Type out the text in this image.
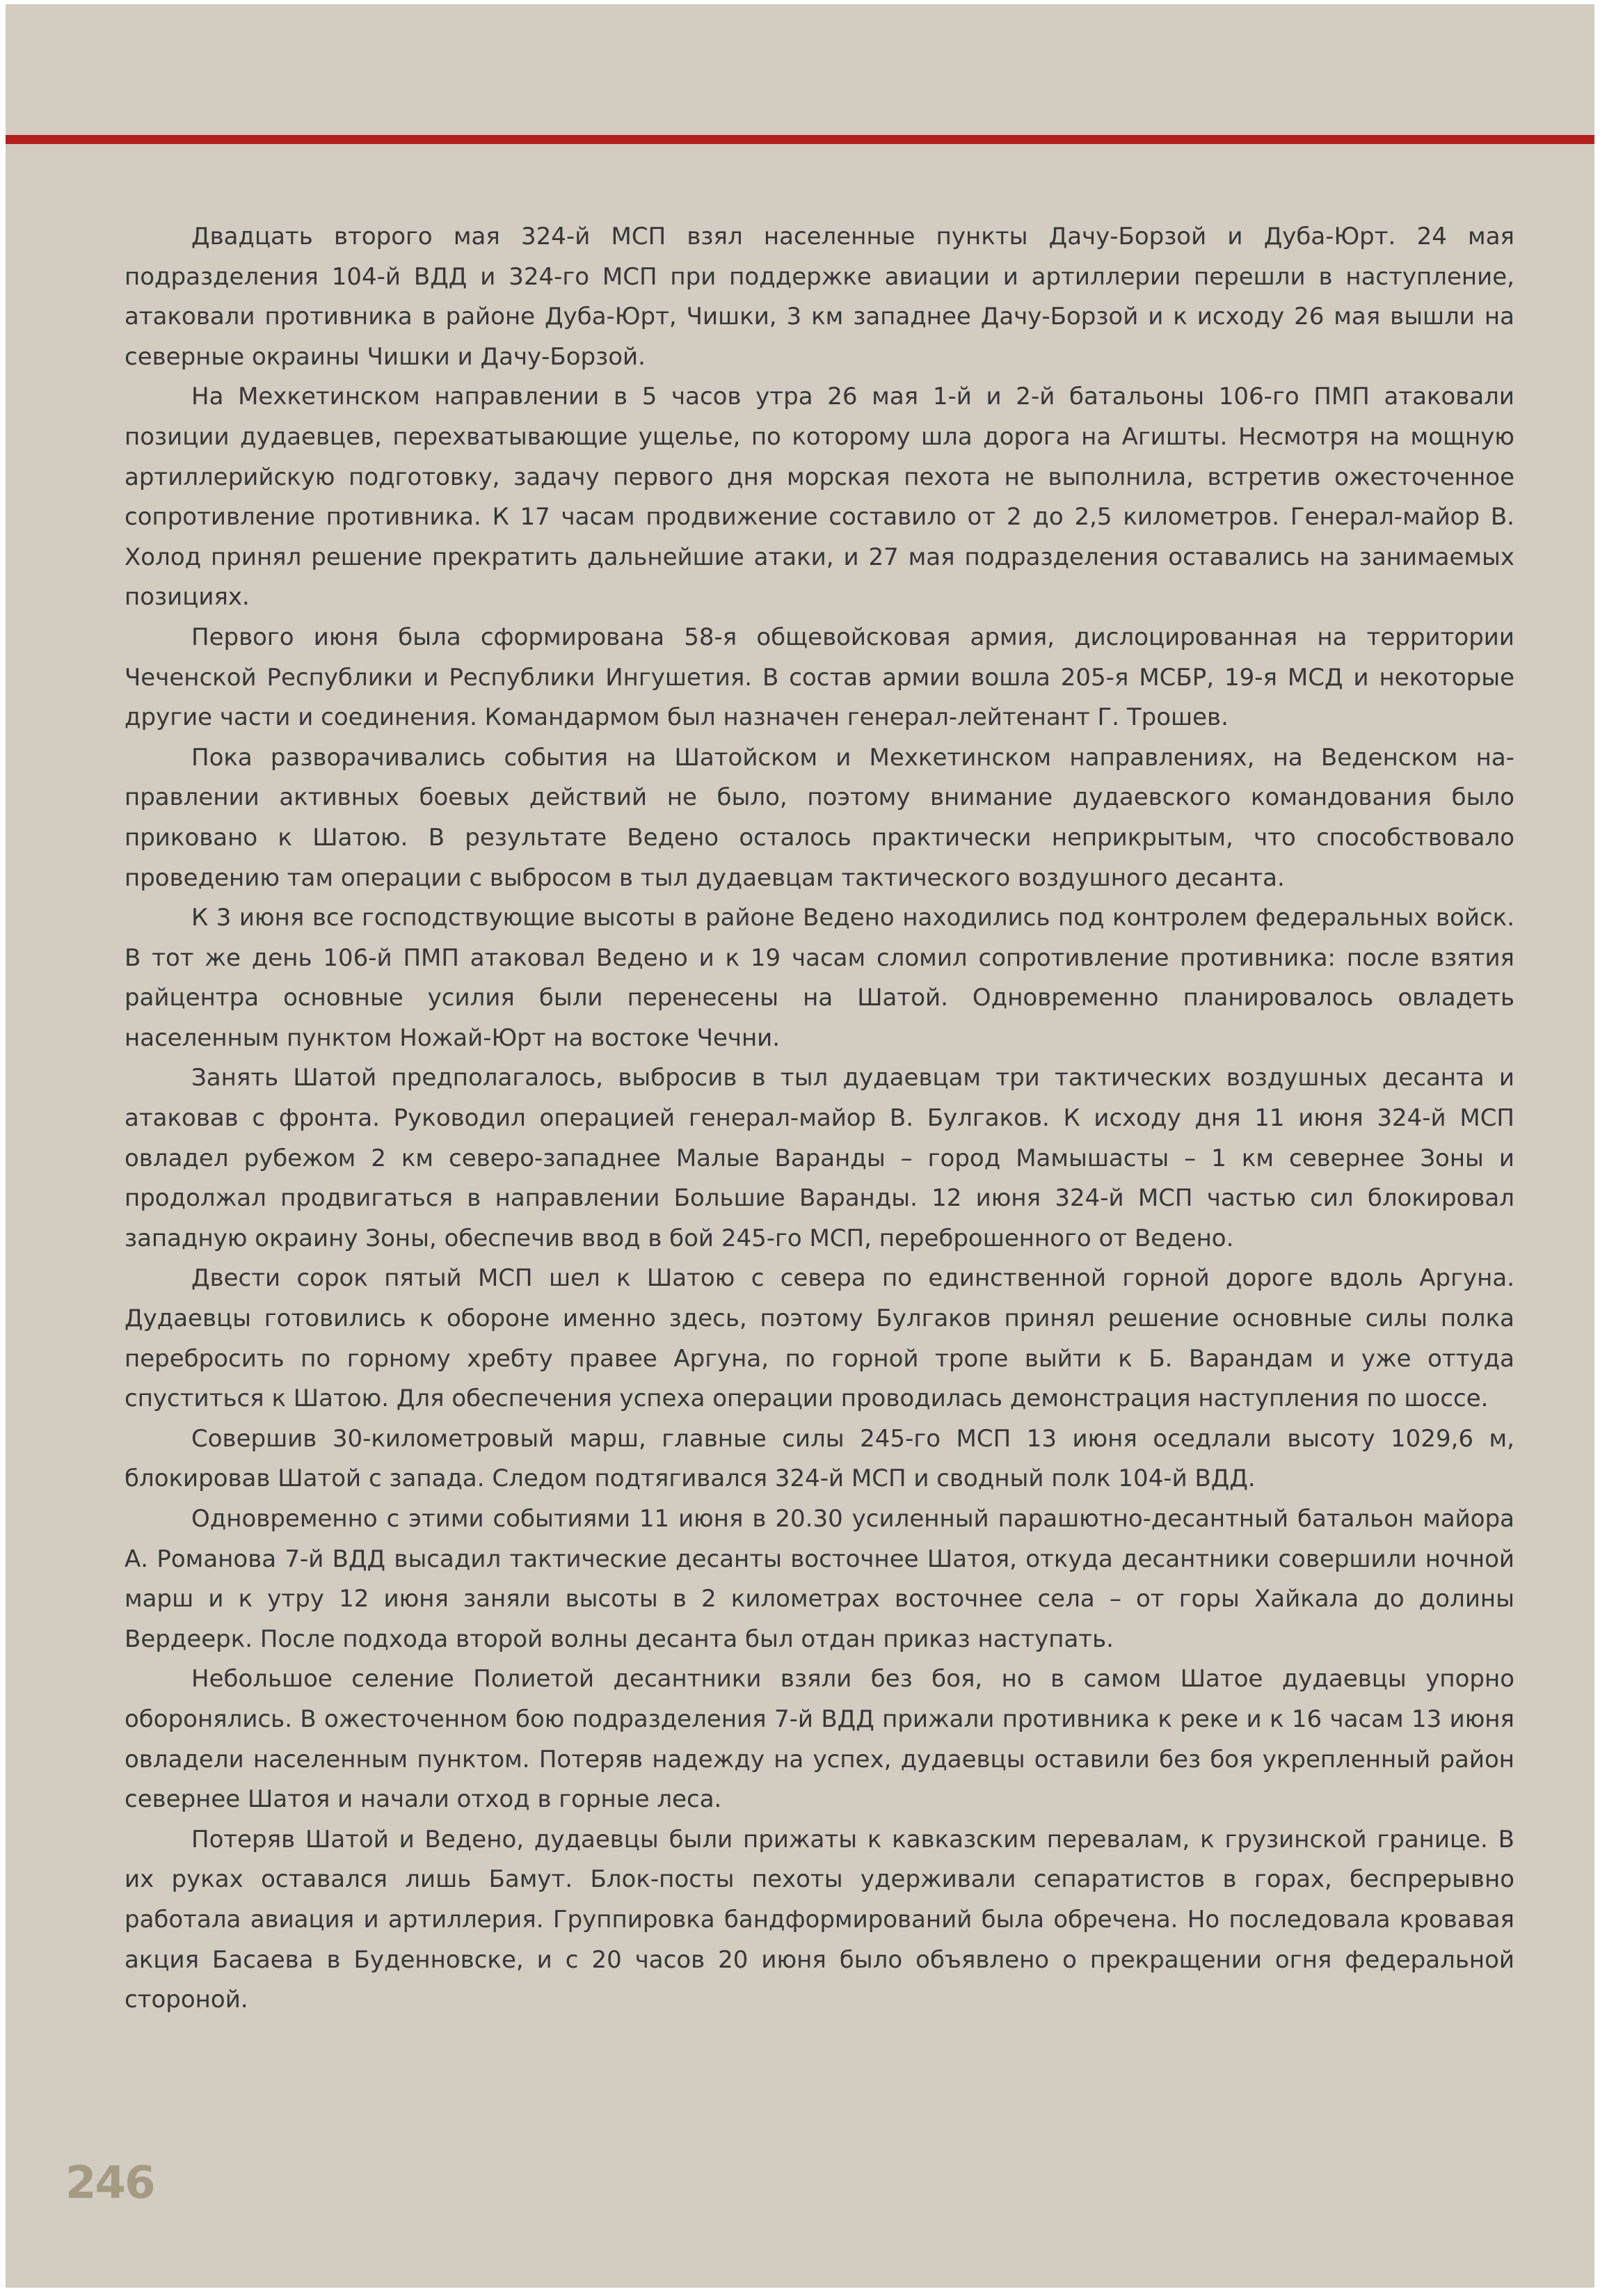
Двадцать второго мая 324-й МСП взял населенные пункты Дачу-Борзой и Дуба-Юрт. 24 мая подразделения 104-й ВДД и 324-го МСП при поддержке авиации и артиллерии перешли в наступление, атаковали противника в районе Дуба-Юрт, Чишки, 3 км западнее Дачу-Борзой и к исходу 26 мая вышли на северные окраины Чишки и Дачу-Борзой.

На Мехкетинском направлении в 5 часов утра 26 мая 1-й и 2-й батальоны 106-го ПМП атаковали позиции дудаевцев, перехватывающие ущелье, по которому шла дорога на Агишты. Несмотря на мощную артиллерийскую подготовку, задачу первого дня морская пехота не выполнила, встретив ожесточенное сопротивление противника. К 17 часам продвижение составило от 2 до 2,5 километров. Генерал-майор В. Холод принял решение прекратить дальнейшие атаки, и 27 мая подразделения оставались на занимаемых позициях.

Первого июня была сформирована 58-я общевойсковая армия, дислоцированная на территории Чеченской Республики и Республики Ингушетия. В состав армии вошла 205-я МСБР, 19-я МСД и некоторые другие части и соединения. Командармом был назначен генерал-лейтенант Г. Трошев.

Пока разворачивались события на Шатойском и Мехкетинском направлениях, на Веденском направлении активных боевых действий не было, поэтому внимание дудаевского командования было приковано к Шатою. В результате Ведено осталось практически неприкрытым, что способствовало проведению там операции с выбросом в тыл дудаевцам тактического воздушного десанта.

К 3 июня все господствующие высоты в районе Ведено находились под контролем федеральных войск. В тот же день 106-й ПМП атаковал Ведено и к 19 часам сломил сопротивление противника: после взятия райцентра основные усилия были перенесены на Шатой. Одновременно планировалось овладеть населенным пунктом Ножай-Юрт на востоке Чечни.

Занять Шатой предполагалось, выбросив в тыл дудаевцам три тактических воздушных десанта и атаковав с фронта. Руководил операцией генерал-майор В. Булгаков. К исходу дня 11 июня 324-й МСП овладел рубежом 2 км северо-западнее Малые Варанды – город Мамышасты – 1 км севернее Зоны и продолжал продвигаться в направлении Большие Варанды. 12 июня 324-й МСП частью сил блокировал западную окраину Зоны, обеспечив ввод в бой 245-го МСП, переброшенного от Ведено.

Двести сорок пятый МСП шел к Шатою с севера по единственной горной дороге вдоль Аргуна. Дудаевцы готовились к обороне именно здесь, поэтому Булгаков принял решение основные силы полка перебросить по горному хребту правее Аргуна, по горной тропе выйти к Б. Варандам и уже оттуда спуститься к Шатою. Для обеспечения успеха операции проводилась демонстрация наступления по шоссе.

Совершив 30-километровый марш, главные силы 245-го МСП 13 июня оседлали высоту 1029,6 м, блокировав Шатой с запада. Следом подтягивался 324-й МСП и сводный полк 104-й ВДД.

Одновременно с этими событиями 11 июня в 20.30 усиленный парашютно-десантный батальон майора А. Романова 7-й ВДД высадил тактические десанты восточнее Шатоя, откуда десантники совершили ночной марш и к утру 12 июня заняли высоты в 2 километрах восточнее села – от горы Хайкала до долины Вердеерк. После подхода второй волны десанта был отдан приказ наступать.

Небольшое селение Полиетой десантники взяли без боя, но в самом Шатое дудаевцы упорно оборонялись. В ожесточенном бою подразделения 7-й ВДД прижали противника к реке и к 16 часам 13 июня овладели населенным пунктом. Потеряв надежду на успех, дудаевцы оставили без боя укрепленный район севернее Шатоя и начали отход в горные леса.

Потеряв Шатой и Ведено, дудаевцы были прижаты к кавказским перевалам, к грузинской границе. В их руках оставался лишь Бамут. Блок-посты пехоты удерживали сепаратистов в горах, беспрерывно работала авиация и артиллерия. Группировка бандформирований была обречена. Но последовала кровавая акция Басаева в Буденновске, и с 20 часов 20 июня было объявлено о прекращении огня федеральной стороной.

246
